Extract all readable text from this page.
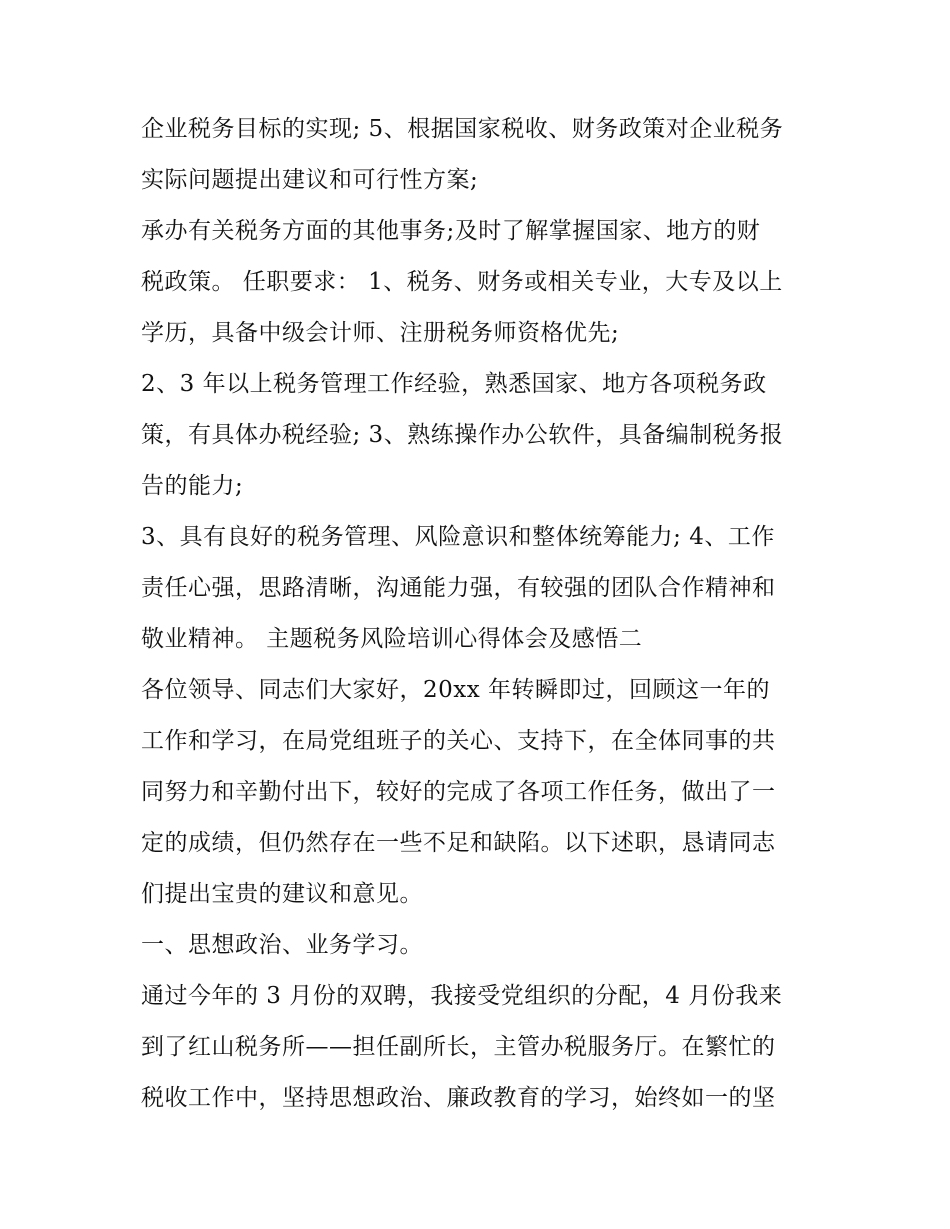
企业税务目标的实现; 5、根据国家税收、财务政策对企业税务
实际问题提出建议和可行性方案;
承办有关税务方面的其他事务;及时了解掌握国家、地方的财
税政策。 任职要求： 1、税务、财务或相关专业，大专及以上
学历，具备中级会计师、注册税务师资格优先;
2、3 年以上税务管理工作经验，熟悉国家、地方各项税务政
策，有具体办税经验; 3、熟练操作办公软件，具备编制税务报
告的能力;
3、具有良好的税务管理、风险意识和整体统筹能力; 4、工作
责任心强，思路清晰，沟通能力强，有较强的团队合作精神和
敬业精神。 主题税务风险培训心得体会及感悟二
各位领导、同志们大家好，20xx 年转瞬即过，回顾这一年的
工作和学习，在局党组班子的关心、支持下，在全体同事的共
同努力和辛勤付出下，较好的完成了各项工作任务，做出了一
定的成绩，但仍然存在一些不足和缺陷。以下述职，恳请同志
们提出宝贵的建议和意见。
一、思想政治、业务学习。
通过今年的 3 月份的双聘，我接受党组织的分配，4 月份我来
到了红山税务所——担任副所长，主管办税服务厅。在繁忙的
税收工作中，坚持思想政治、廉政教育的学习，始终如一的坚
